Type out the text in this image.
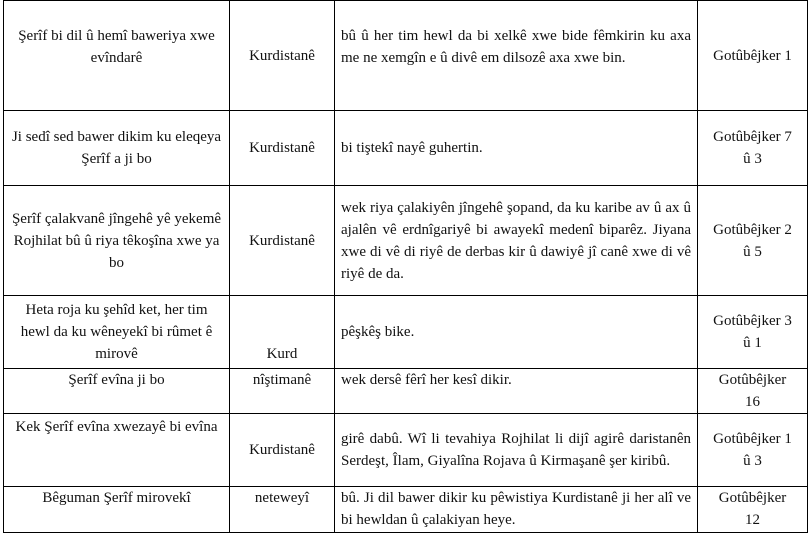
Şerîf bi dil û hemî baweriya xwe evîndarê	Kurdistanê	bû û her tim hewl da bi xelkê xwe bide fêmkirin ku axa me ne xemgîn e û divê em dilsozê axa xwe bin.	Gotûbêjker 1

Ji sedî sed bawer dikim ku eleqeya Şerîf a ji bo	Kurdistanê	bi tiştekî nayê guhertin.	Gotûbêjker 7
û 3

Şerîf çalakvanê jîngehê yê yekemê Rojhilat bû û riya têkoşîna xwe ya bo	Kurdistanê	wek riya çalakiyên jîngehê şopand, da ku karibe av û ax û ajalên vê erdnîgariyê bi awayekî medenî biparêz. Jiyana xwe di vê di riyê de derbas kir û dawiyê jî canê xwe di vê riyê de da.	Gotûbêjker 2
û 5

Heta roja ku şehîd ket, her tim hewl da ku wêneyekî bi rûmet ê mirovê	Kurd	pêşkêş bike.	Gotûbêjker 3
û 1

Şerîf evîna ji bo	nîştimanê	wek dersê fêrî her kesî dikir.	Gotûbêjker
16

Kek Şerîf evîna xwezayê bi evîna	Kurdistanê	girê dabû. Wî li tevahiya Rojhilat li dijî agirê daristanên Serdeşt, Îlam, Giyalîna Rojava û Kirmaşanê şer kiribû.	Gotûbêjker 1
û 3

Bêguman Şerîf mirovekî	neteweyî	bû. Ji dil bawer dikir ku pêwistiya Kurdistanê ji her alî ve bi hewldan û çalakiyan heye.	Gotûbêjker
12
